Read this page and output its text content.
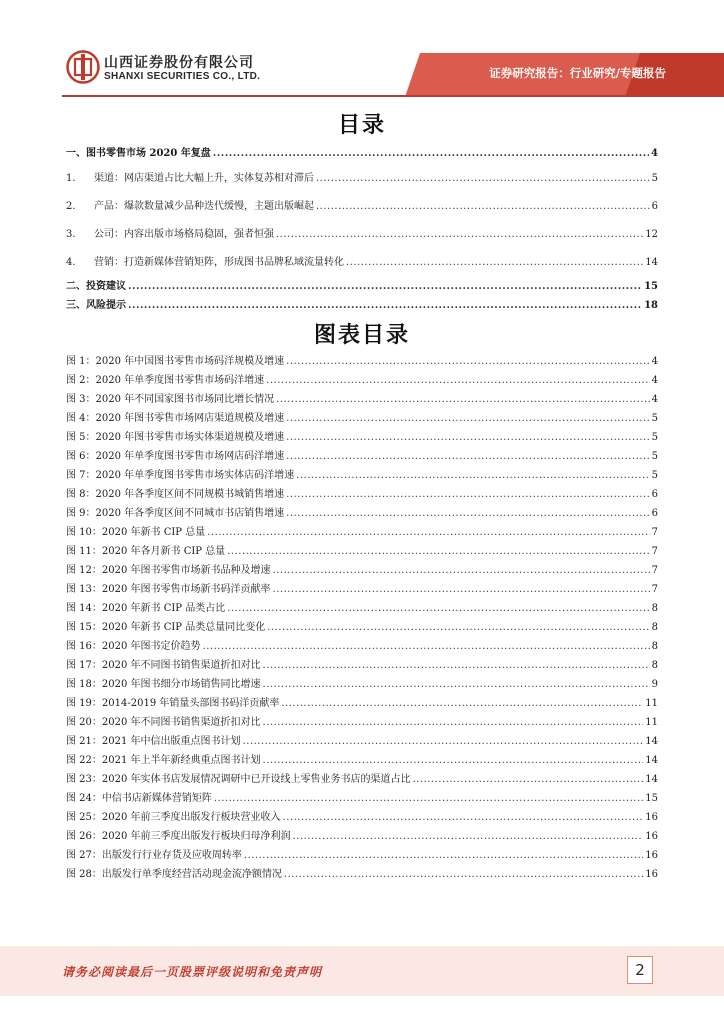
山西证券股份有限公司
SHANXI SECURITIES CO., LTD.	证券研究报告：行业研究/专题报告
目录
一、图书零售市场 2020 年复盘 .....	4
1. 渠道：网店渠道占比大幅上升，实体复苏相对滞后 .....	5
2. 产品：爆款数量减少品种迭代缓慢，主题出版崛起 .....	6
3. 公司：内容出版市场格局稳固，强者恒强 .....	12
4. 营销：打造新媒体营销矩阵，形成图书品牌私域流量转化 .....	14
二、投资建议 .....	15
三、风险提示 .....	18
图表目录
图 1：2020 年中国图书零售市场码洋规模及增速 .....	4
图 2：2020 年单季度图书零售市场码洋增速 .....	4
图 3：2020 年不同国家图书市场同比增长情况 .....	4
图 4：2020 年图书零售市场网店渠道规模及增速 .....	5
图 5：2020 年图书零售市场实体渠道规模及增速 .....	5
图 6：2020 年单季度图书零售市场网店码洋增速 .....	5
图 7：2020 年单季度图书零售市场实体店码洋增速 .....	5
图 8：2020 年各季度区间不同规模书城销售增速 .....	6
图 9：2020 年各季度区间不同城市书店销售增速 .....	6
图 10：2020 年新书 CIP 总量 .....	7
图 11：2020 年各月新书 CIP 总量 .....	7
图 12：2020 年图书零售市场新书品种及增速 .....	7
图 13：2020 年图书零售市场新书码洋贡献率 .....	7
图 14：2020 年新书 CIP 品类占比 .....	8
图 15：2020 年新书 CIP 品类总量同比变化 .....	8
图 16：2020 年图书定价趋势 .....	8
图 17：2020 年不同图书销售渠道折扣对比 .....	8
图 18：2020 年图书细分市场销售同比增速 .....	9
图 19：2014-2019 年销量头部图书码洋贡献率 .....	11
图 20：2020 年不同图书销售渠道折扣对比 .....	11
图 21：2021 年中信出版重点图书计划 .....	14
图 22：2021 年上半年新经典重点图书计划 .....	14
图 23：2020 年实体书店发展情况调研中已开设线上零售业务书店的渠道占比 .....	14
图 24：中信书店新媒体营销矩阵 .....	15
图 25：2020 年前三季度出版发行板块营业收入 .....	16
图 26：2020 年前三季度出版发行板块归母净利润 .....	16
图 27：出版发行行业存货及应收周转率 .....	16
图 28：出版发行单季度经营活动现金流净额情况 .....	16
请务必阅读最后一页股票评级说明和免责声明	2
